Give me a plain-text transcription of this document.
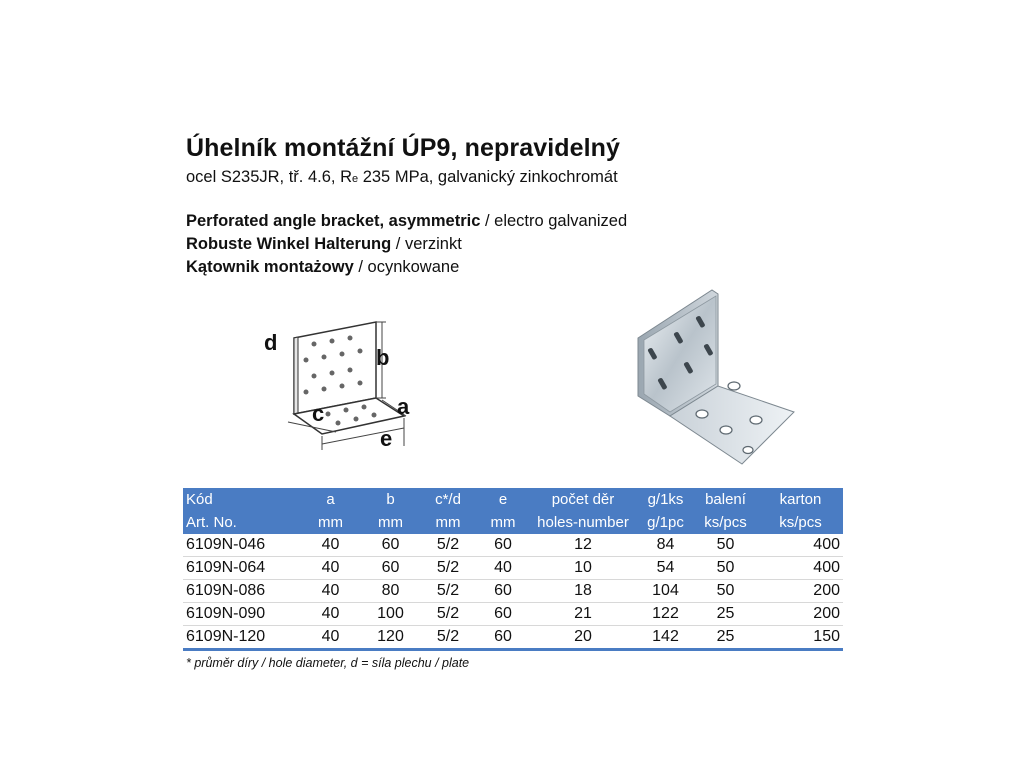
Úhelník montážní ÚP9, nepravidelný
ocel S235JR, tř. 4.6, Re 235 MPa, galvanický zinkochromát
Perforated angle bracket, asymmetric / electro galvanized
Robuste Winkel Halterung / verzinkt
Kątownik montażowy / ocynkowane
d
b
c	a
e
Kód	a	b	c*/d	e	počet děr	g/1ks	balení	karton
Art. No.	mm	mm	mm	mm	holes-number	g/1pc	ks/pcs	ks/pcs
6109N-046	40	60	5/2	60	12	84	50	400
6109N-064	40	60	5/2	40	10	54	50	400
6109N-086	40	80	5/2	60	18	104	50	200
6109N-090	40	100	5/2	60	21	122	25	200
6109N-120	40	120	5/2	60	20	142	25	150
* průměr díry / hole diameter, d = síla plechu / plate
